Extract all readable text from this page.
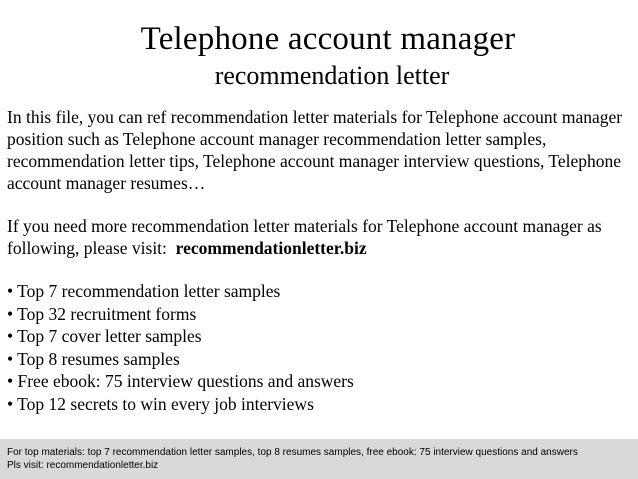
Telephone account manager
recommendation letter

In this file, you can ref recommendation letter materials for Telephone account manager position such as Telephone account manager recommendation letter samples, recommendation letter tips, Telephone account manager interview questions, Telephone account manager resumes…

If you need more recommendation letter materials for Telephone account manager as following, please visit: recommendationletter.biz

• Top 7 recommendation letter samples
• Top 32 recruitment forms
• Top 7 cover letter samples
• Top 8 resumes samples
• Free ebook: 75 interview questions and answers
• Top 12 secrets to win every job interviews
For top materials: top 7 recommendation letter samples, top 8 resumes samples, free ebook: 75 interview questions and answers
Pls visit: recommendationletter.biz
